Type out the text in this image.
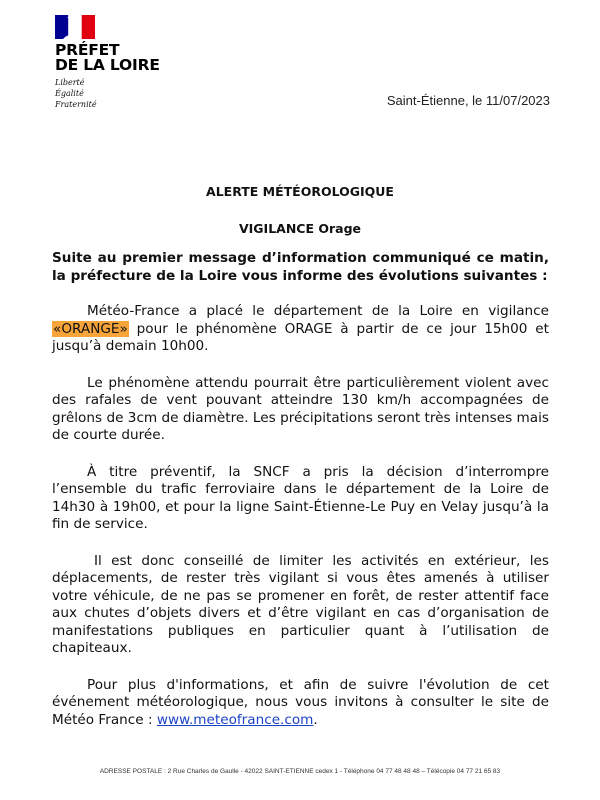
PRÉFET
DE LA LOIRE
Liberté
Égalité
Fraternité	Saint-Étienne, le 11/07/2023
ALERTE MÉTÉOROLOGIQUE
VIGILANCE Orage

Suite au premier message d’information communiqué ce matin, la préfecture de la Loire vous informe des évolutions suivantes :

Météo-France a placé le département de la Loire en vigilance «ORANGE» pour le phénomène ORAGE à partir de ce jour 15h00 et jusqu’à demain 10h00.

Le phénomène attendu pourrait être particulièrement violent avec des rafales de vent pouvant atteindre 130 km/h accompagnées de grêlons de 3cm de diamètre. Les précipitations seront très intenses mais de courte durée.

À titre préventif, la SNCF a pris la décision d’interrompre l’ensemble du trafic ferroviaire dans le département de la Loire de 14h30 à 19h00, et pour la ligne Saint-Étienne-Le Puy en Velay jusqu’à la fin de service.

Il est donc conseillé de limiter les activités en extérieur, les déplacements, de rester très vigilant si vous êtes amenés à utiliser votre véhicule, de ne pas se promener en forêt, de rester attentif face aux chutes d’objets divers et d’être vigilant en cas d’organisation de manifestations publiques en particulier quant à l’utilisation de chapiteaux.

Pour plus d'informations, et afin de suivre l'évolution de cet événement météorologique, nous vous invitons à consulter le site de Météo France : www.meteofrance.com.

ADRESSE POSTALE : 2 Rue Charles de Gaulle - 42022 SAINT-ETIENNE cedex 1 - Téléphone 04 77 48 48 48 – Télécopie 04 77 21 65 83
